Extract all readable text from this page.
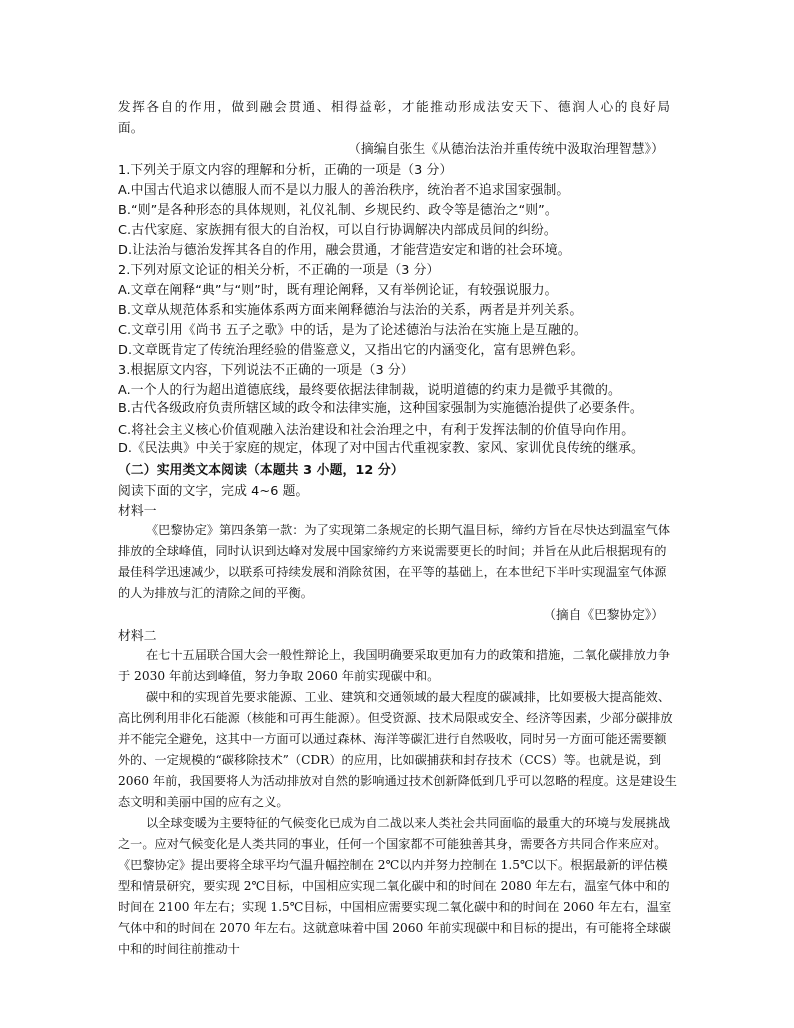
发挥各自的作用，做到融会贯通、相得益彰，才能推动形成法安天下、德润人心的良好局
面。
（摘编自张生《从德治法治并重传统中汲取治理智慧》）
1.下列关于原文内容的理解和分析，正确的一项是（3 分）
A.中国古代追求以德服人而不是以力服人的善治秩序，统治者不追求国家强制。
B.“则”是各种形态的具体规则，礼仪礼制、乡规民约、政令等是德治之“则”。
C.古代家庭、家族拥有很大的自治权，可以自行协调解决内部成员间的纠纷。
D.让法治与德治发挥其各自的作用，融会贯通，才能营造安定和谐的社会环境。
2.下列对原文论证的相关分析，不正确的一项是（3 分）
A.文章在阐释“典”与“则”时，既有理论阐释，又有举例论证，有较强说服力。
B.文章从规范体系和实施体系两方面来阐释德治与法治的关系，两者是并列关系。
C.文章引用《尚书 五子之歌》中的话，是为了论述德治与法治在实施上是互融的。
D.文章既肯定了传统治理经验的借鉴意义，又指出它的内涵变化，富有思辨色彩。
3.根据原文内容，下列说法不正确的一项是（3 分）
A.一个人的行为超出道德底线，最终要依据法律制裁，说明道德的约束力是微乎其微的。
B.古代各级政府负责所辖区域的政令和法律实施，这种国家强制为实施德治提供了必要条件。
C.将社会主义核心价值观融入法治建设和社会治理之中，有利于发挥法制的价值导向作用。
D.《民法典》中关于家庭的规定，体现了对中国古代重视家教、家风、家训优良传统的继承。
（二）实用类文本阅读（本题共 3 小题，12 分）
阅读下面的文字，完成 4~6 题。
材料一
《巴黎协定》第四条第一款：为了实现第二条规定的长期气温目标，缔约方旨在尽快达到温室气体排放的全球峰值，同时认识到达峰对发展中国家缔约方来说需要更长的时间；并旨在从此后根据现有的最佳科学迅速减少，以联系可持续发展和消除贫困，在平等的基础上，在本世纪下半叶实现温室气体源的人为排放与汇的清除之间的平衡。
（摘自《巴黎协定》）
材料二
在七十五届联合国大会一般性辩论上，我国明确要采取更加有力的政策和措施，二氧化碳排放力争于 2030 年前达到峰值，努力争取 2060 年前实现碳中和。
碳中和的实现首先要求能源、工业、建筑和交通领域的最大程度的碳减排，比如要极大提高能效、高比例利用非化石能源（核能和可再生能源）。但受资源、技术局限或安全、经济等因素，少部分碳排放并不能完全避免，这其中一方面可以通过森林、海洋等碳汇进行自然吸收，同时另一方面可能还需要额外的、一定规模的“碳移除技术”（CDR）的应用，比如碳捕获和封存技术（CCS）等。也就是说，到 2060 年前，我国要将人为活动排放对自然的影响通过技术创新降低到几乎可以忽略的程度。这是建设生态文明和美丽中国的应有之义。
以全球变暖为主要特征的气候变化已成为自二战以来人类社会共同面临的最重大的环境与发展挑战之一。应对气候变化是人类共同的事业，任何一个国家都不可能独善其身，需要各方共同合作来应对。《巴黎协定》提出要将全球平均气温升幅控制在 2℃以内并努力控制在 1.5℃以下。根据最新的评估模型和情景研究，要实现 2℃目标，中国相应实现二氧化碳中和的时间在 2080 年左右，温室气体中和的时间在 2100 年左右；实现 1.5℃目标，中国相应需要实现二氧化碳中和的时间在 2060 年左右，温室气体中和的时间在 2070 年左右。这就意味着中国 2060 年前实现碳中和目标的提出，有可能将全球碳中和的时间往前推动十
